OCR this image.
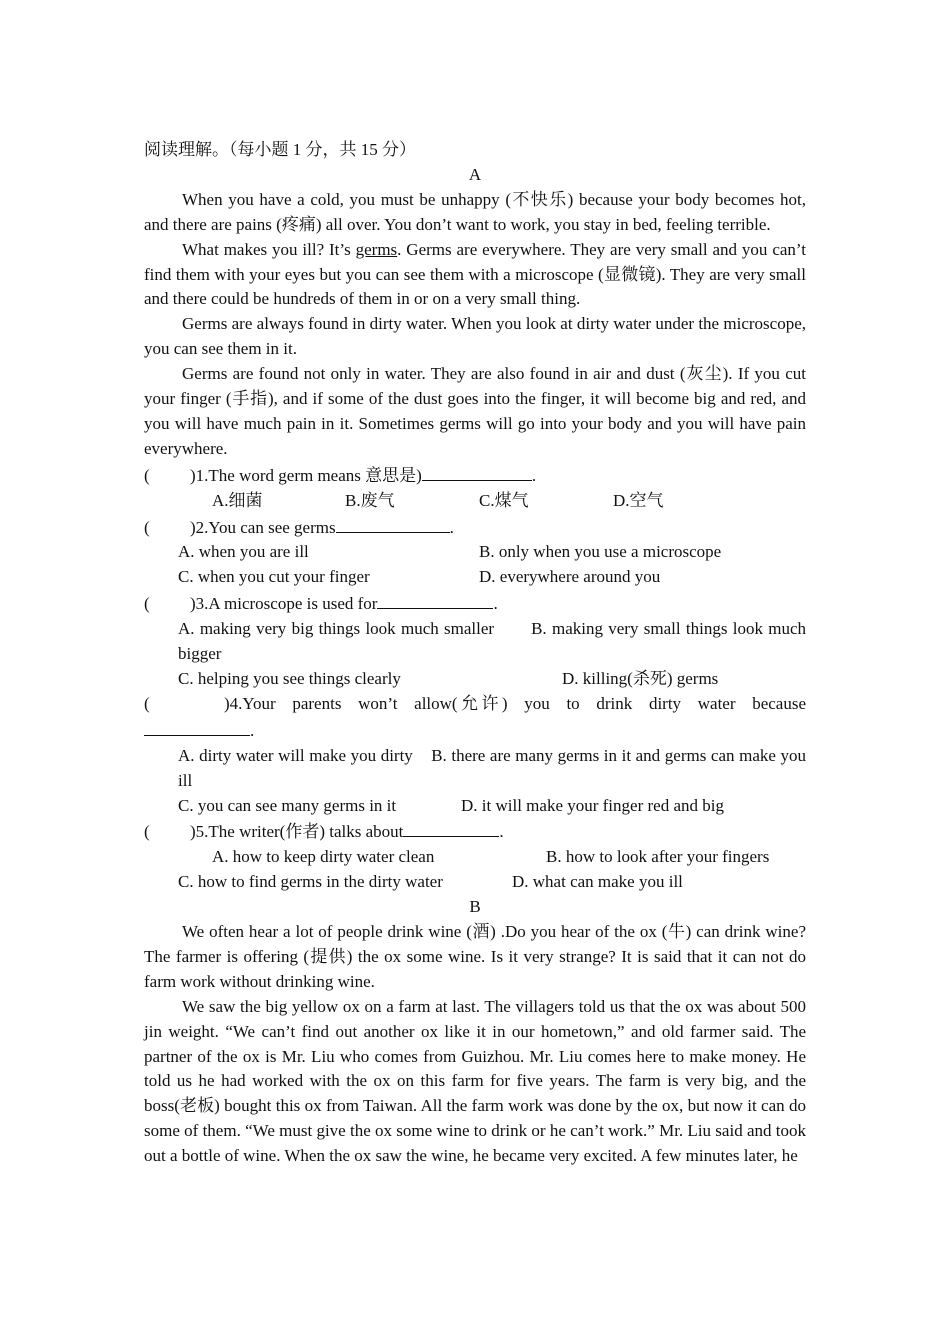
阅读理解。（每小题 1 分，共 15 分）

A

When you have a cold, you must be unhappy (不快乐) because your body becomes hot, and there are pains (疼痛) all over. You don’t want to work, you stay in bed, feeling terrible.

What makes you ill? It’s germs. Germs are everywhere. They are very small and you can’t find them with your eyes but you can see them with a microscope (显微镜). They are very small and there could be hundreds of them in or on a very small thing.

Germs are always found in dirty water. When you look at dirty water under the microscope, you can see them in it.

Germs are found not only in water. They are also found in air and dust (灰尘). If you cut your finger (手指), and if some of the dust goes into the finger, it will become big and red, and you will have much pain in it. Sometimes germs will go into your body and you will have pain everywhere.

( )1.The word germ means 意思是)	.

A.细菌	B.废气	C.煤气	D.空气

( )2.You can see germs	.

A. when you are ill	B. only when you use a microscope
C. when you cut your finger	D. everywhere around you

( )3.A microscope is used for	.

A. making very big things look much smaller B. making very small things look much bigger

C. helping you see things clearly	D. killing(杀死) germs

(	)4.Your parents won’t allow(允许) you to drink dirty water because.

A. dirty water will make you dirty B. there are many germs in it and germs can make you ill

C. you can see many germs in it	D. it will make your finger red and big

( )5.The writer(作者) talks about	.

A. how to keep dirty water clean	B. how to look after your fingers
C. how to find germs in the dirty water	D. what can make you ill

B

We often hear a lot of people drink wine (酒) .Do you hear of the ox (牛) can drink wine? The farmer is offering (提供) the ox some wine. Is it very strange? It is said that it can not do farm work without drinking wine.

We saw the big yellow ox on a farm at last. The villagers told us that the ox was about 500 jin weight. “We can’t find out another ox like it in our hometown,” and old farmer said. The partner of the ox is Mr. Liu who comes from Guizhou. Mr. Liu comes here to make money. He told us he had worked with the ox on this farm for five years. The farm is very big, and the boss(老板) bought this ox from Taiwan. All the farm work was done by the ox, but now it can do some of them. “We must give the ox some wine to drink or he can’t work.” Mr. Liu said and took out a bottle of wine. When the ox saw the wine, he became very excited. A few minutes later, he
